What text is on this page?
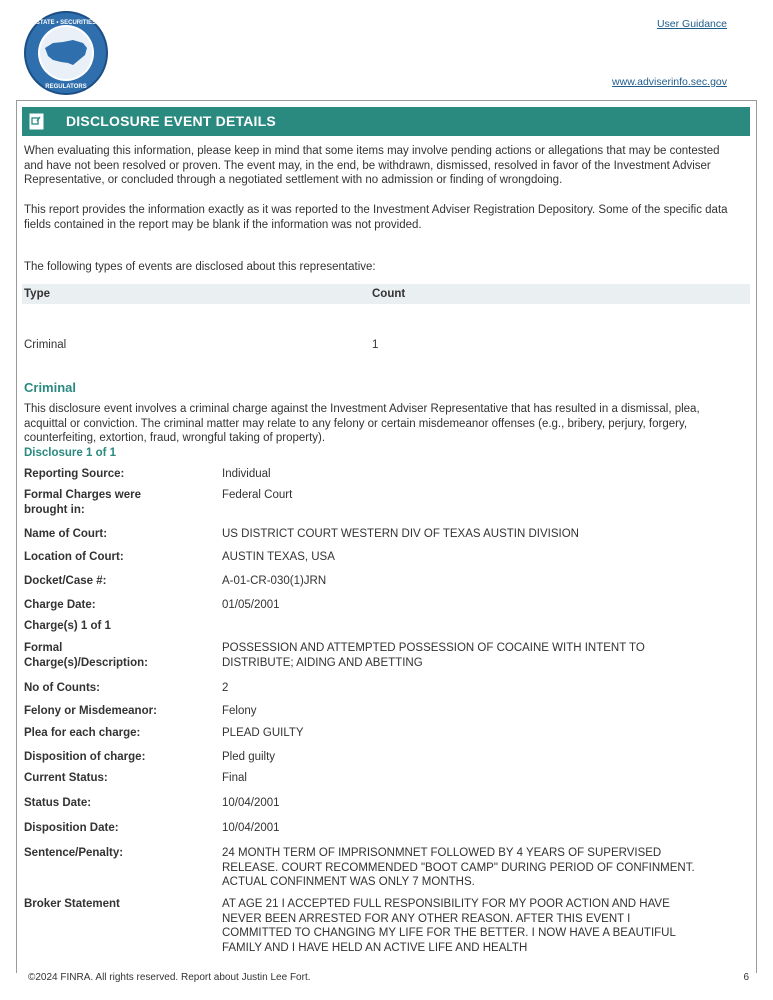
STATE • SECURITIES
REGULATORS
User Guidance
www.adviserinfo.sec.gov
DISCLOSURE EVENT DETAILS
When evaluating this information, please keep in mind that some items may involve pending actions or allegations that may be contested and have not been resolved or proven. The event may, in the end, be withdrawn, dismissed, resolved in favor of the Investment Adviser Representative, or concluded through a negotiated settlement with no admission or finding of wrongdoing.
This report provides the information exactly as it was reported to the Investment Adviser Registration Depository. Some of the specific data fields contained in the report may be blank if the information was not provided.
The following types of events are disclosed about this representative:
Type	Count
Criminal	1
Criminal
This disclosure event involves a criminal charge against the Investment Adviser Representative that has resulted in a dismissal, plea, acquittal or conviction. The criminal matter may relate to any felony or certain misdemeanor offenses (e.g., bribery, perjury, forgery, counterfeiting, extortion, fraud, wrongful taking of property).
Disclosure 1 of 1
Reporting Source:	Individual
Formal Charges were brought in:
Federal Court
Name of Court:	US DISTRICT COURT WESTERN DIV OF TEXAS AUSTIN DIVISION
Location of Court:	AUSTIN TEXAS, USA
Docket/Case #:	A-01-CR-030(1)JRN
Charge Date:	01/05/2001
Charge(s) 1 of 1
Formal Charge(s)/Description:
POSSESSION AND ATTEMPTED POSSESSION OF COCAINE WITH INTENT TO DISTRIBUTE; AIDING AND ABETTING
No of Counts:	2
Felony or Misdemeanor:	Felony
Plea for each charge:	PLEAD GUILTY
Disposition of charge:	Pled guilty
Current Status:	Final
Status Date:	10/04/2001
Disposition Date:	10/04/2001
Sentence/Penalty:	24 MONTH TERM OF IMPRISONMNET FOLLOWED BY 4 YEARS OF SUPERVISED RELEASE. COURT RECOMMENDED "BOOT CAMP" DURING PERIOD OF CONFINMENT. ACTUAL CONFINMENT WAS ONLY 7 MONTHS.
Broker Statement	AT AGE 21 I ACCEPTED FULL RESPONSIBILITY FOR MY POOR ACTION AND HAVE NEVER BEEN ARRESTED FOR ANY OTHER REASON. AFTER THIS EVENT I COMMITTED TO CHANGING MY LIFE FOR THE BETTER. I NOW HAVE A BEAUTIFUL FAMILY AND I HAVE HELD AN ACTIVE LIFE AND HEALTH
©2024 FINRA. All rights reserved. Report about Justin Lee Fort.	6
